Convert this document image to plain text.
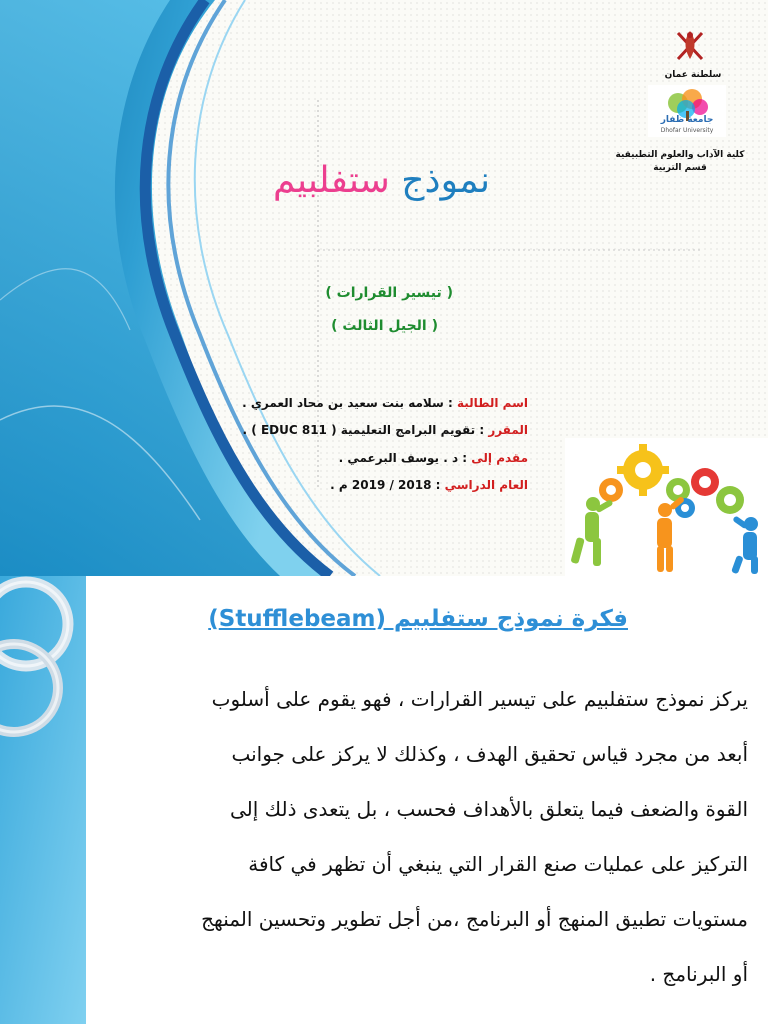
سلطنة عمان
جامعة ظفار
Dhofar University
كلية الآداب والعلوم التطبيقية
قسم التربية
نموذج ستفلبيم
( تيسير القرارات )
( الجيل الثالث )
اسم الطالبة : سلامه بنت سعيد بن محاد العمري .
المقرر : تقويم البرامج التعليمية ( EDUC 811 ) .
مقدم إلى : د . يوسف البرعمي .
العام الدراسي : 2018 / 2019 م .
فكرة نموذج ستفلبيم (Stufflebeam)
يركز نموذج ستفلبيم على تيسير القرارات ، فهو يقوم على أسلوب
أبعد من مجرد قياس تحقيق الهدف ، وكذلك لا يركز على جوانب
القوة والضعف فيما يتعلق بالأهداف فحسب ، بل يتعدى ذلك إلى
التركيز على عمليات صنع القرار التي ينبغي أن تظهر في كافة
مستويات تطبيق المنهج أو البرنامج ،من أجل تطوير وتحسين المنهج
أو البرنامج .
